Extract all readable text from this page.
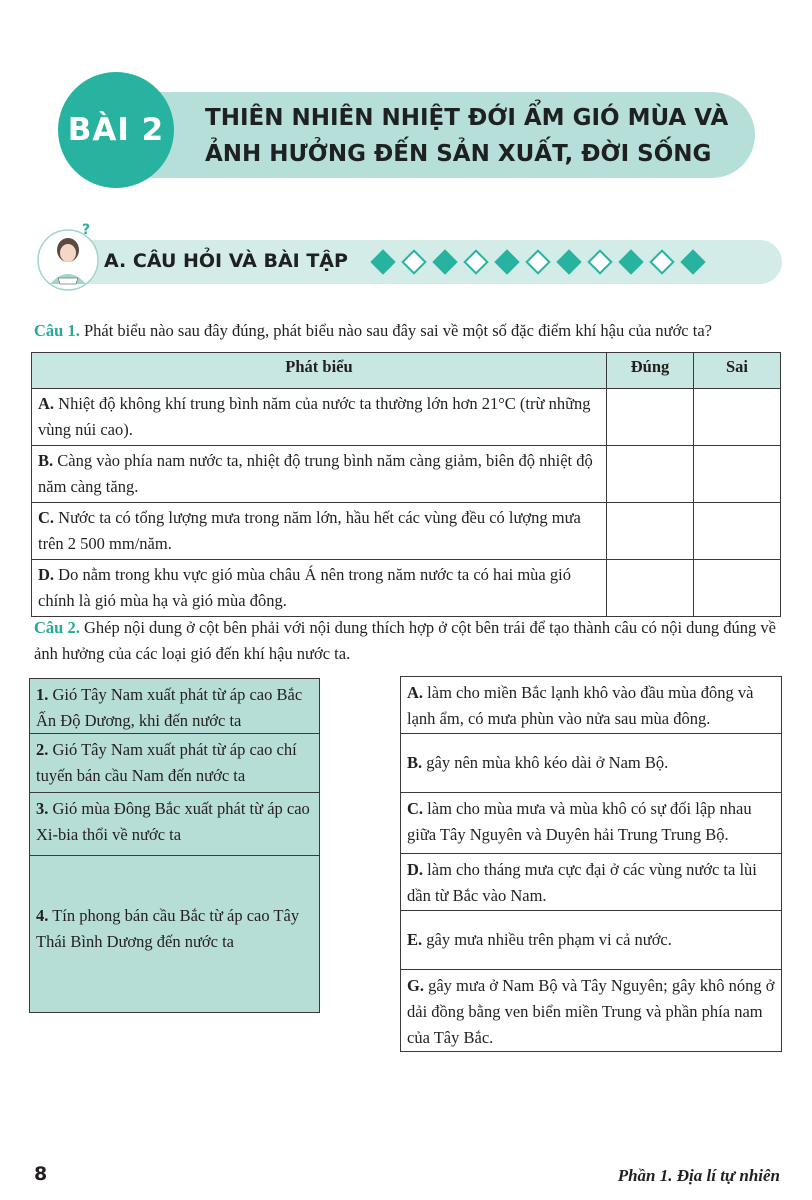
BÀI 2	THIÊN NHIÊN NHIỆT ĐỚI ẨM GIÓ MÙA VÀ
ẢNH HƯỞNG ĐẾN SẢN XUẤT, ĐỜI SỐNG
?
A. CÂU HỎI VÀ BÀI TẬP
Câu 1. Phát biểu nào sau đây đúng, phát biểu nào sau đây sai về một số đặc điểm khí hậu của nước ta?
Phát biểu	Đúng	Sai
A. Nhiệt độ không khí trung bình năm của nước ta thường lớn hơn 21°C (trừ những vùng núi cao).		
B. Càng vào phía nam nước ta, nhiệt độ trung bình năm càng giảm, biên độ nhiệt độ năm càng tăng.		
C. Nước ta có tổng lượng mưa trong năm lớn, hầu hết các vùng đều có lượng mưa trên 2 500 mm/năm.		
D. Do nằm trong khu vực gió mùa châu Á nên trong năm nước ta có hai mùa gió chính là gió mùa hạ và gió mùa đông.		
Câu 2. Ghép nội dung ở cột bên phải với nội dung thích hợp ở cột bên trái để tạo thành câu có nội dung đúng về ảnh hưởng của các loại gió đến khí hậu nước ta.
1. Gió Tây Nam xuất phát từ áp cao Bắc Ấn Độ Dương, khi đến nước ta
2. Gió Tây Nam xuất phát từ áp cao chí tuyến bán cầu Nam đến nước ta
3. Gió mùa Đông Bắc xuất phát từ áp cao Xi-bia thổi về nước ta
4. Tín phong bán cầu Bắc từ áp cao Tây Thái Bình Dương đến nước ta
A. làm cho miền Bắc lạnh khô vào đầu mùa đông và lạnh ẩm, có mưa phùn vào nửa sau mùa đông.
B. gây nên mùa khô kéo dài ở Nam Bộ.
C. làm cho mùa mưa và mùa khô có sự đối lập nhau giữa Tây Nguyên và Duyên hải Trung Trung Bộ.
D. làm cho tháng mưa cực đại ở các vùng nước ta lùi dần từ Bắc vào Nam.
E. gây mưa nhiều trên phạm vi cả nước.
G. gây mưa ở Nam Bộ và Tây Nguyên; gây khô nóng ở dải đồng bằng ven biển miền Trung và phần phía nam của Tây Bắc.
8	Phần 1. Địa lí tự nhiên
